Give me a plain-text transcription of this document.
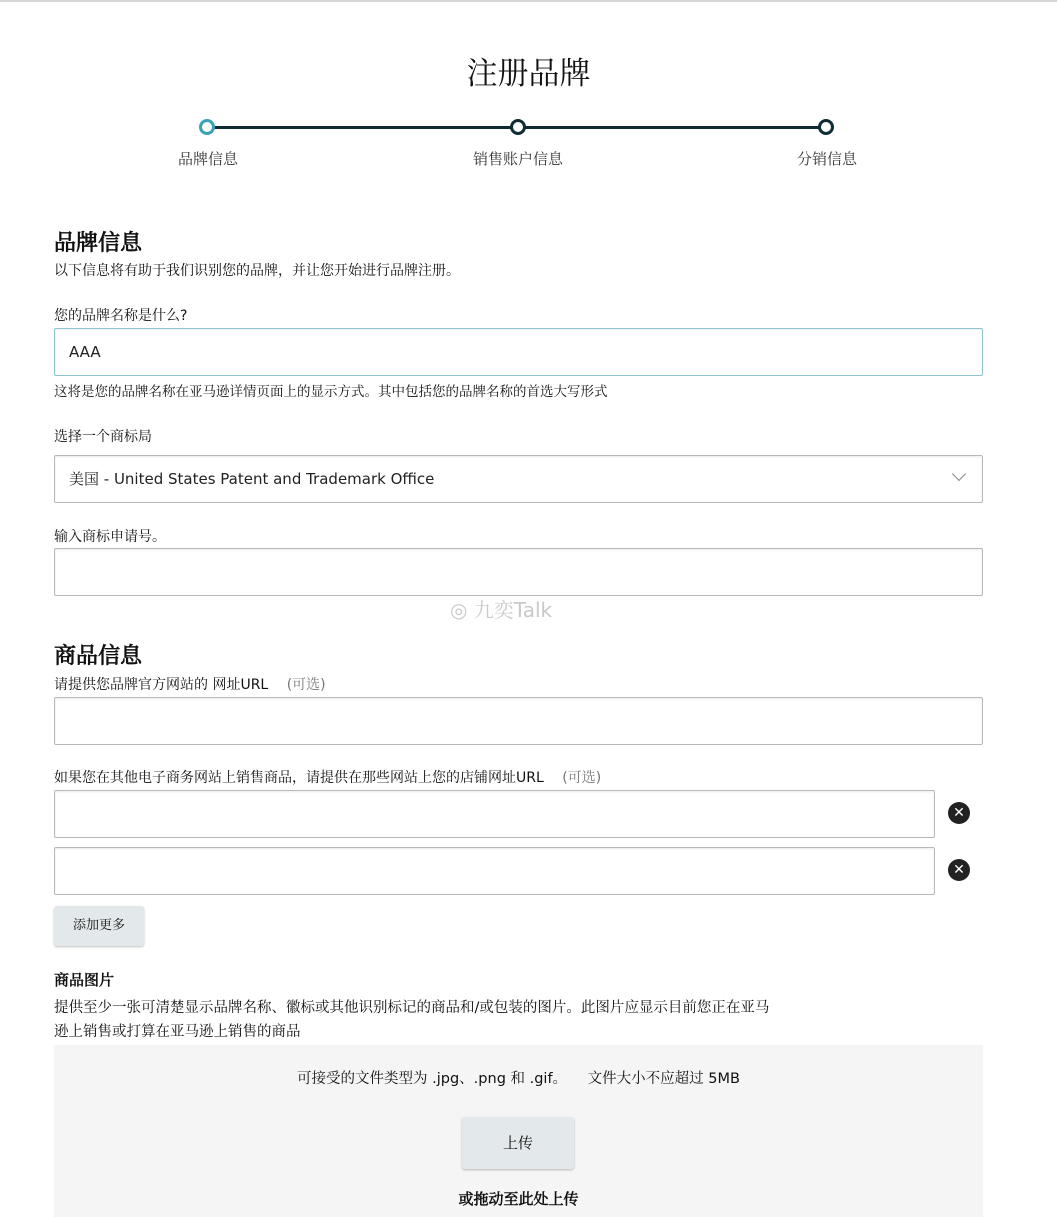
注册品牌
品牌信息	销售账户信息	分销信息
品牌信息
以下信息将有助于我们识别您的品牌，并让您开始进行品牌注册。
您的品牌名称是什么?
AAA
这将是您的品牌名称在亚马逊详情页面上的显示方式。其中包括您的品牌名称的首选大写形式
选择一个商标局
美国 - United States Patent and Trademark Office
输入商标申请号。
◎ 九奕Talk
商品信息
请提供您品牌官方网站的 网址URL (可选)
如果您在其他电子商务网站上销售商品，请提供在那些网站上您的店铺网址URL (可选)
✕
✕
添加更多
商品图片
提供至少一张可清楚显示品牌名称、徽标或其他识别标记的商品和/或包装的图片。此图片应显示目前您正在亚马
逊上销售或打算在亚马逊上销售的商品
可接受的文件类型为 .jpg、.png 和 .gif。 文件大小不应超过 5MB
上传
或拖动至此处上传
